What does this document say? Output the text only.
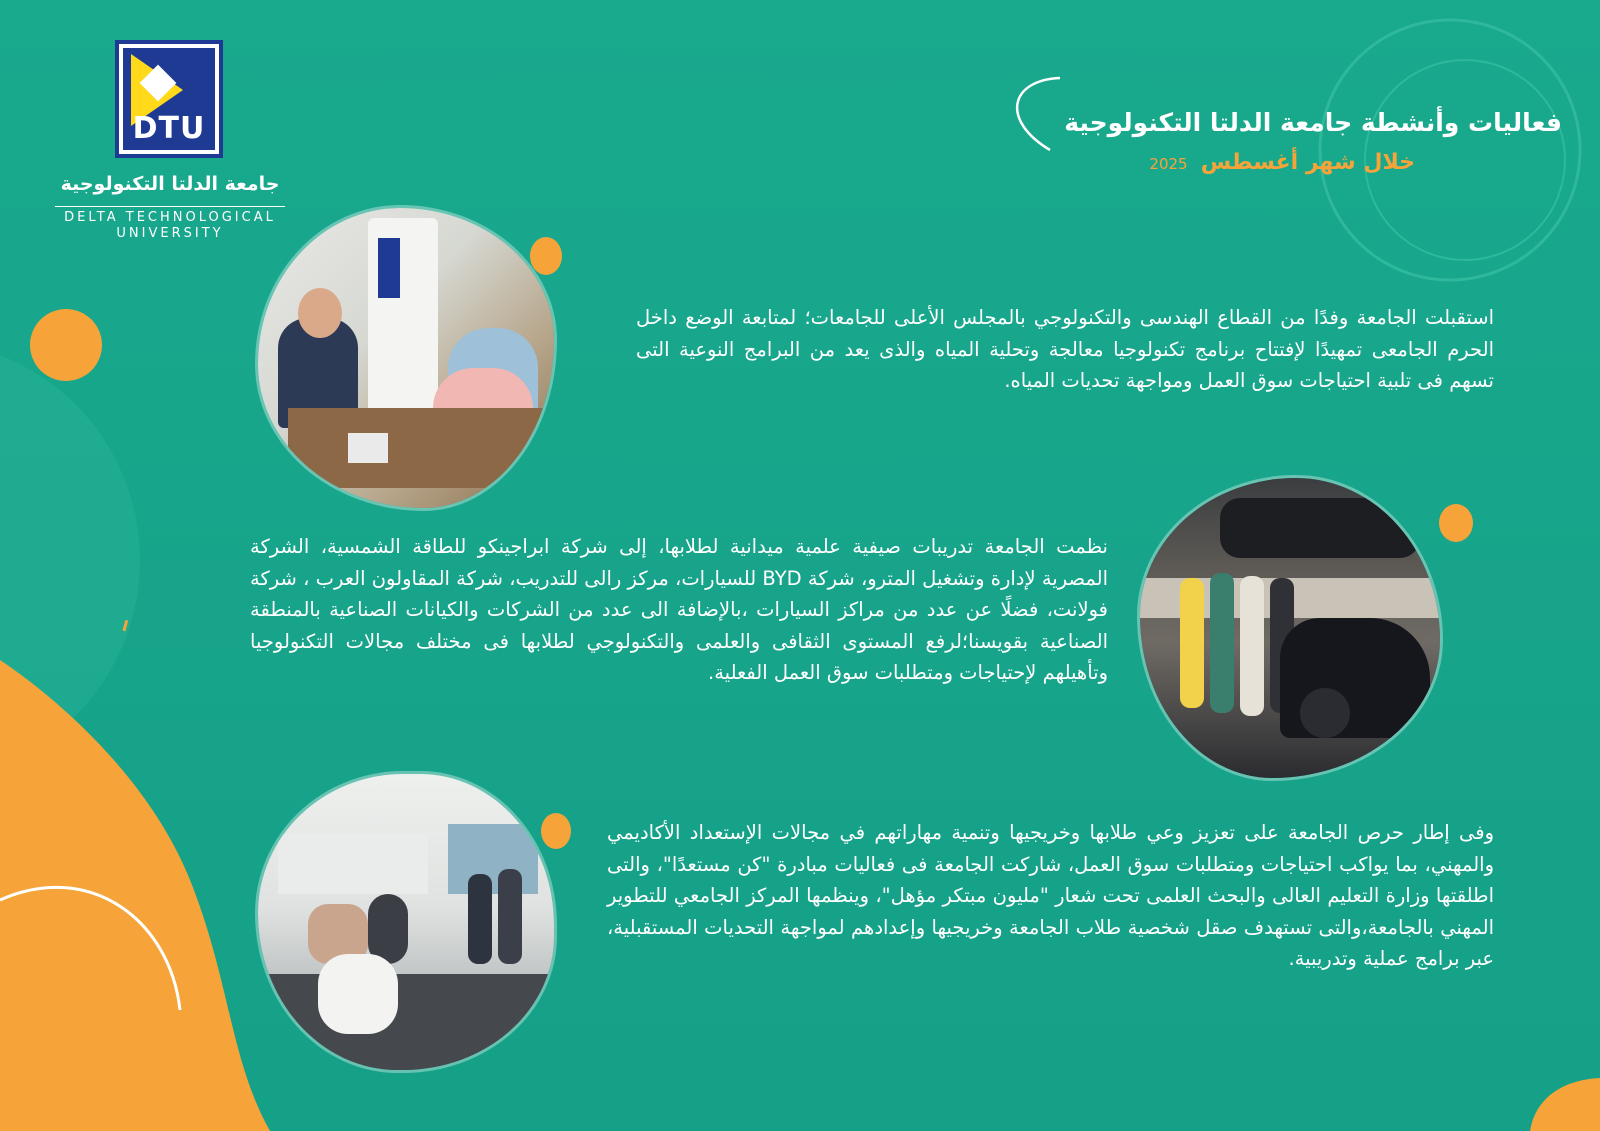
DTU
جامعة الدلتا التكنولوجية
DELTA TECHNOLOGICAL
UNIVERSITY
فعاليات وأنشطة جامعة الدلتا التكنولوجية
خلال شهر أغسطس 2025
استقبلت الجامعة وفدًا من القطاع الهندسى والتكنولوجي بالمجلس الأعلى للجامعات؛ لمتابعة الوضع داخل الحرم الجامعى تمهيدًا لإفتتاح برنامج تكنولوجيا معالجة وتحلية المياه والذى يعد من البرامج النوعية التى تسهم فى تلبية احتياجات سوق العمل ومواجهة تحديات المياه.
نظمت الجامعة تدريبات صيفية علمية ميدانية لطلابها، إلى شركة ابراجينكو للطاقة الشمسية، الشركة المصرية لإدارة وتشغيل المترو، شركة BYD للسيارات، مركز رالى للتدريب، شركة المقاولون العرب ، شركة فولانت، فضلًا عن عدد من مراكز السيارات ،بالإضافة الى عدد من الشركات والكيانات الصناعية بالمنطقة الصناعية بقويسنا؛لرفع المستوى الثقافى والعلمى والتكنولوجي لطلابها فى مختلف مجالات التكنولوجيا وتأهيلهم لإحتياجات ومتطلبات سوق العمل الفعلية.
وفى إطار حرص الجامعة على تعزيز وعي طلابها وخريجيها وتنمية مهاراتهم في مجالات الإستعداد الأكاديمي والمهني، بما يواكب احتياجات ومتطلبات سوق العمل، شاركت الجامعة فى فعاليات مبادرة "كن مستعدًا"، والتى اطلقتها وزارة التعليم العالى والبحث العلمى تحت شعار "مليون مبتكر مؤهل"، وينظمها المركز الجامعي للتطوير المهني بالجامعة،والتى تستهدف صقل شخصية طلاب الجامعة وخريجيها وإعدادهم لمواجهة التحديات المستقبلية، عبر برامج عملية وتدريبية.
